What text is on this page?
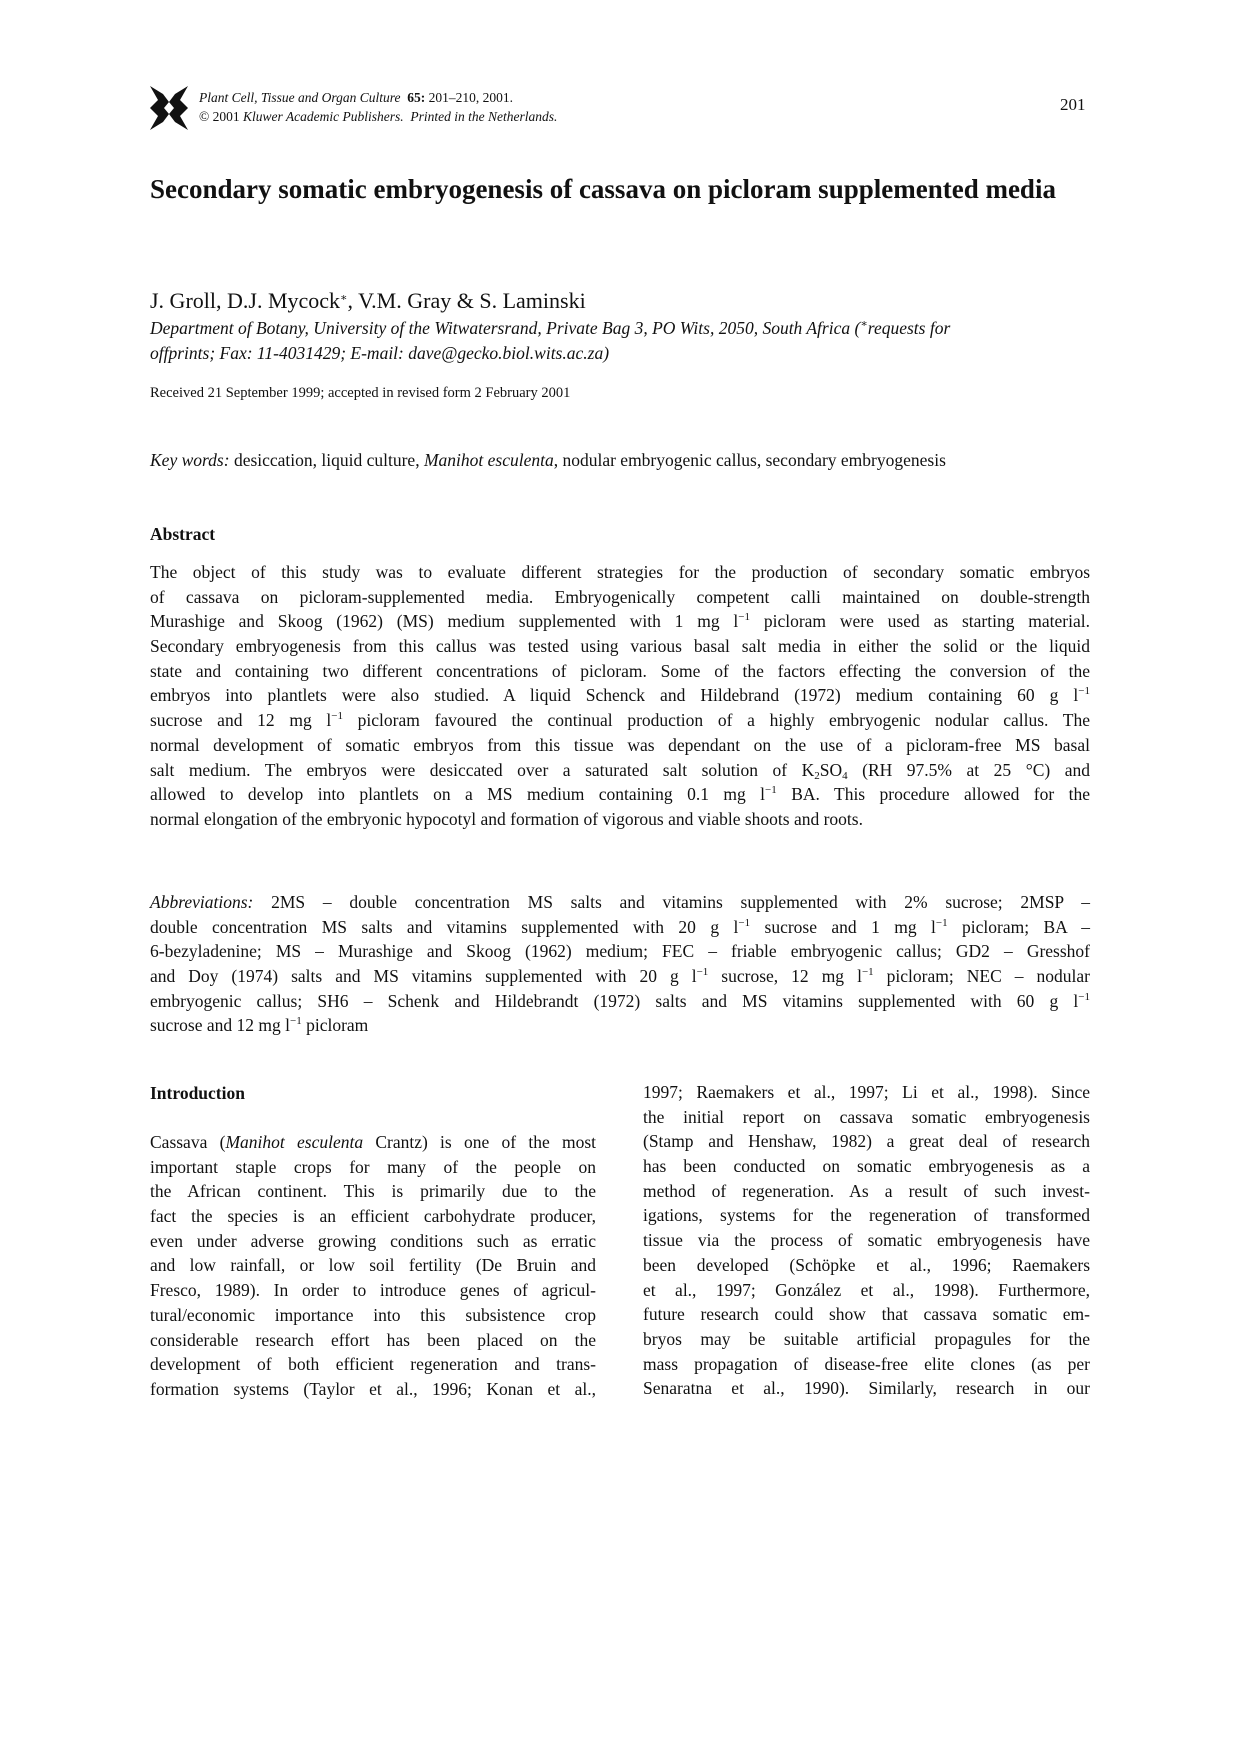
Plant Cell, Tissue and Organ Culture 65: 201–210, 2001.
© 2001 Kluwer Academic Publishers. Printed in the Netherlands.
201
Secondary somatic embryogenesis of cassava on picloram supplemented media
J. Groll, D.J. Mycock∗, V.M. Gray & S. Laminski
Department of Botany, University of the Witwatersrand, Private Bag 3, PO Wits, 2050, South Africa (∗requests for
offprints; Fax: 11-4031429; E-mail: dave@gecko.biol.wits.ac.za)
Received 21 September 1999; accepted in revised form 2 February 2001
Key words: desiccation, liquid culture, Manihot esculenta, nodular embryogenic callus, secondary embryogenesis
Abstract
The object of this study was to evaluate different strategies for the production of secondary somatic embryos
of cassava on picloram-supplemented media. Embryogenically competent calli maintained on double-strength
Murashige and Skoog (1962) (MS) medium supplemented with 1 mg $l^{-1}$ picloram were used as starting material.
Secondary embryogenesis from this callus was tested using various basal salt media in either the solid or the liquid
state and containing two different concentrations of picloram. Some of the factors effecting the conversion of the
embryos into plantlets were also studied. A liquid Schenck and Hildebrand (1972) medium containing 60 g $l^{-1}$
sucrose and 12 mg $l^{-1}$ picloram favoured the continual production of a highly embryogenic nodular callus. The
normal development of somatic embryos from this tissue was dependant on the use of a picloram-free MS basal
salt medium. The embryos were desiccated over a saturated salt solution of $K_2SO_4$ (RH 97.5% at 25 °C) and
allowed to develop into plantlets on a MS medium containing 0.1 mg $l^{-1}$ BA. This procedure allowed for the
normal elongation of the embryonic hypocotyl and formation of vigorous and viable shoots and roots.
Abbreviations: 2MS – double concentration MS salts and vitamins supplemented with 2% sucrose; 2MSP –
double concentration MS salts and vitamins supplemented with 20 g $l^{-1}$ sucrose and 1 mg $l^{-1}$ picloram; BA –
6-bezyladenine; MS – Murashige and Skoog (1962) medium; FEC – friable embryogenic callus; GD2 – Gresshof
and Doy (1974) salts and MS vitamins supplemented with 20 g $l^{-1}$ sucrose, 12 mg $l^{-1}$ picloram; NEC – nodular
embryogenic callus; SH6 – Schenk and Hildebrandt (1972) salts and MS vitamins supplemented with 60 g $l^{-1}$
sucrose and 12 mg $l^{-1}$ picloram
Introduction
Cassava (Manihot esculenta Crantz) is one of the most
important staple crops for many of the people on
the African continent. This is primarily due to the
fact the species is an efficient carbohydrate producer,
even under adverse growing conditions such as erratic
and low rainfall, or low soil fertility (De Bruin and
Fresco, 1989). In order to introduce genes of agricul-
tural/economic importance into this subsistence crop
considerable research effort has been placed on the
development of both efficient regeneration and trans-
formation systems (Taylor et al., 1996; Konan et al.,
1997; Raemakers et al., 1997; Li et al., 1998). Since
the initial report on cassava somatic embryogenesis
(Stamp and Henshaw, 1982) a great deal of research
has been conducted on somatic embryogenesis as a
method of regeneration. As a result of such invest-
igations, systems for the regeneration of transformed
tissue via the process of somatic embryogenesis have
been developed (Schöpke et al., 1996; Raemakers
et al., 1997; González et al., 1998). Furthermore,
future research could show that cassava somatic em-
bryos may be suitable artificial propagules for the
mass propagation of disease-free elite clones (as per
Senaratna et al., 1990). Similarly, research in our
